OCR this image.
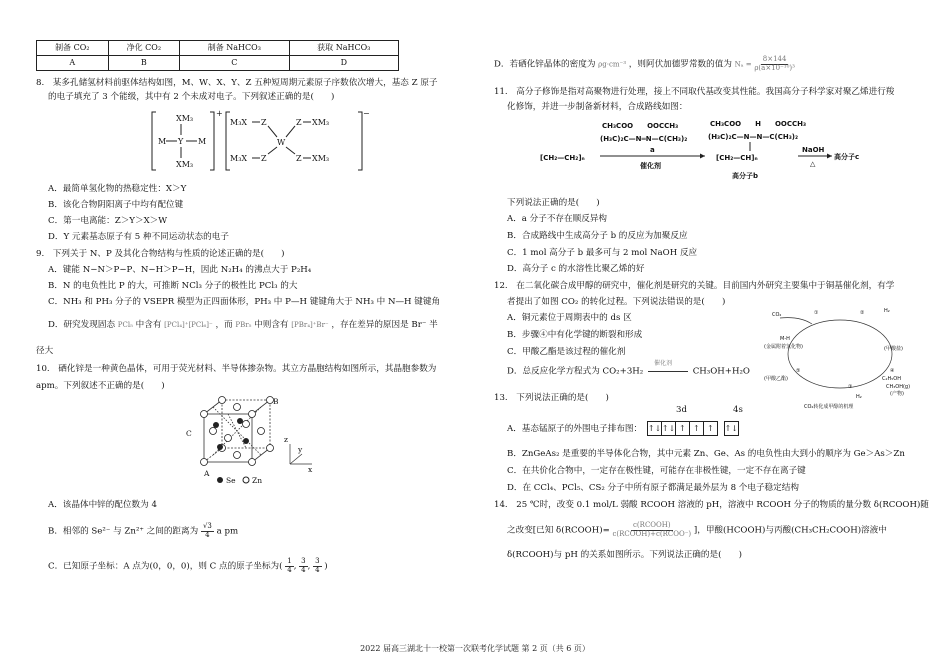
制备 CO₂	净化 CO₂	制备 NaHCO₃	获取 NaHCO₃
A	B	C	D
8.　某多孔储氢材料前驱体结构如图，M、W、X、Y、Z 五种短周期元素原子序数依次增大，基态 Z 原子
的电子填充了 3 个能级，其中有 2 个未成对电子。下列叙述正确的是(　　)
XM₃
M Y M
XM₃
+
M₃X Z
W
Z XM₃
M₃X Z	Z XM₃
−
A．最简单氢化物的热稳定性：X＞Y
B．该化合物阴阳离子中均有配位键
C．第一电离能：Z＞Y＞X＞W
D．Y 元素基态原子有 5 种不同运动状态的电子
9.　下列关于 N、P 及其化合物结构与性质的论述正确的是(　　)
A．键能 N−N＞P−P、N−H＞P−H，因此 N₂H₄ 的沸点大于 P₂H₄
B．N 的电负性比 P 的大，可推断 NCl₃ 分子的极性比 PCl₃ 的大
C．NH₃ 和 PH₃ 分子的 VSEPR 模型为正四面体形，PH₃ 中 P—H 键键角大于 NH₃ 中 N—H 键键角
D．研究发现固态 PCl₅ 中含有 [PCl₄]⁺[PCl₆]⁻ ，而 PBr₅ 中则含有 [PBr₄]⁺Br⁻ ，存在差异的原因是 Br⁻ 半
径大
10.　硒化锌是一种黄色晶体，可用于荧光材料、半导体掺杂物。其立方晶胞结构如图所示，其晶胞参数为
apm。下列叙述不正确的是(　　)
B
C
A	x
y
z
Se Zn
A．该晶体中锌的配位数为 4
B．相邻的 Se²⁻ 与 Zn²⁺ 之间的距离为 $\frac{√3}{4}$ a pm
C．已知原子坐标：A 点为(0，0，0)，则 C 点的原子坐标为( $\frac{1}{4}$ , $\frac{3}{4}$ , $\frac{3}{4}$ )
D．若硒化锌晶体的密度为 ρg·cm⁻³ ，则阿伏加德罗常数的值为 $N_a = \frac{8\times 144}{\text{ρ(a×10⁻¹⁰)³}}$
11.　高分子修饰是指对高聚物进行处理，接上不同取代基改变其性能。我国高分子科学家对聚乙烯进行羧
化修饰，并进一步制备新材料，合成路线如图：
[CH₂—CH₂]ₙ
CH₃COO　　OOCCH₃
(H₃C)₂C—N═N—C(CH₃)₂
a
催化剂
CH₃COO　　H　　OOCCH₃
(H₃C)₂C—N—N—C(CH₃)₂
[CH₂—CH]ₙ
高分子b
NaOH
△
高分子c
下列说法正确的是(　　)
A．a 分子不存在顺反异构
B．合成路线中生成高分子 b 的反应为加聚反应
C．1 mol 高分子 b 最多可与 2 mol NaOH 反应
D．高分子 c 的水溶性比聚乙烯的好
12.　在二氧化碳合成甲醇的研究中，催化剂是研究的关键。目前国内外研究主要集中于铜基催化剂，有学
者提出了如图 CO₂ 的转化过程。下列说法错误的是(　　)
A．铜元素位于周期表中的 ds 区
B．步骤④中有化学键的断裂和形成
C．甲酸乙酯是该过程的催化剂
D．总反应化学方程式为 CO₂+3H₂
催化剂
CH₃OH+H₂O
CO₂	①	②	H₂
(甲酸盐)
④
③
H₂
M-H
(金属附着氢化物)
(甲酸乙酯)
⑤
C₂H₅OH
CH₃OH(g)
(产物)
CO₂转化成甲醇的机理
13.　下列说法正确的是(　　)
3d	4s
A．基态锰原子的外围电子排布图： ↑↓↑↓ ↑ ↑ ↑ ↑↓
B．ZnGeAs₂ 是重要的半导体化合物，其中元素 Zn、Ge、As 的电负性由大到小的顺序为 Ge＞As＞Zn
C．在共价化合物中，一定存在极性键，可能存在非极性键，一定不存在离子键
D．在 CCl₄、PCl₅、CS₂ 分子中所有原子都满足最外层为 8 个电子稳定结构
14.　25 ℃时，改变 0.1 mol/L 弱酸 RCOOH 溶液的 pH，溶液中 RCOOH 分子的物质的量分数 δ(RCOOH)随
之改变[已知 δ(RCOOH)= $\frac{\text{c(RCOOH)}}{\text{c(RCOOH)+c(RCOO⁻)}}$ ]，甲酸(HCOOH)与丙酸(CH₃CH₂COOH)溶液中
δ(RCOOH)与 pH 的关系如图所示。下列说法正确的是(　　)
2022 届高三湖北十一校第一次联考化学试题 第 2 页（共 6 页）
